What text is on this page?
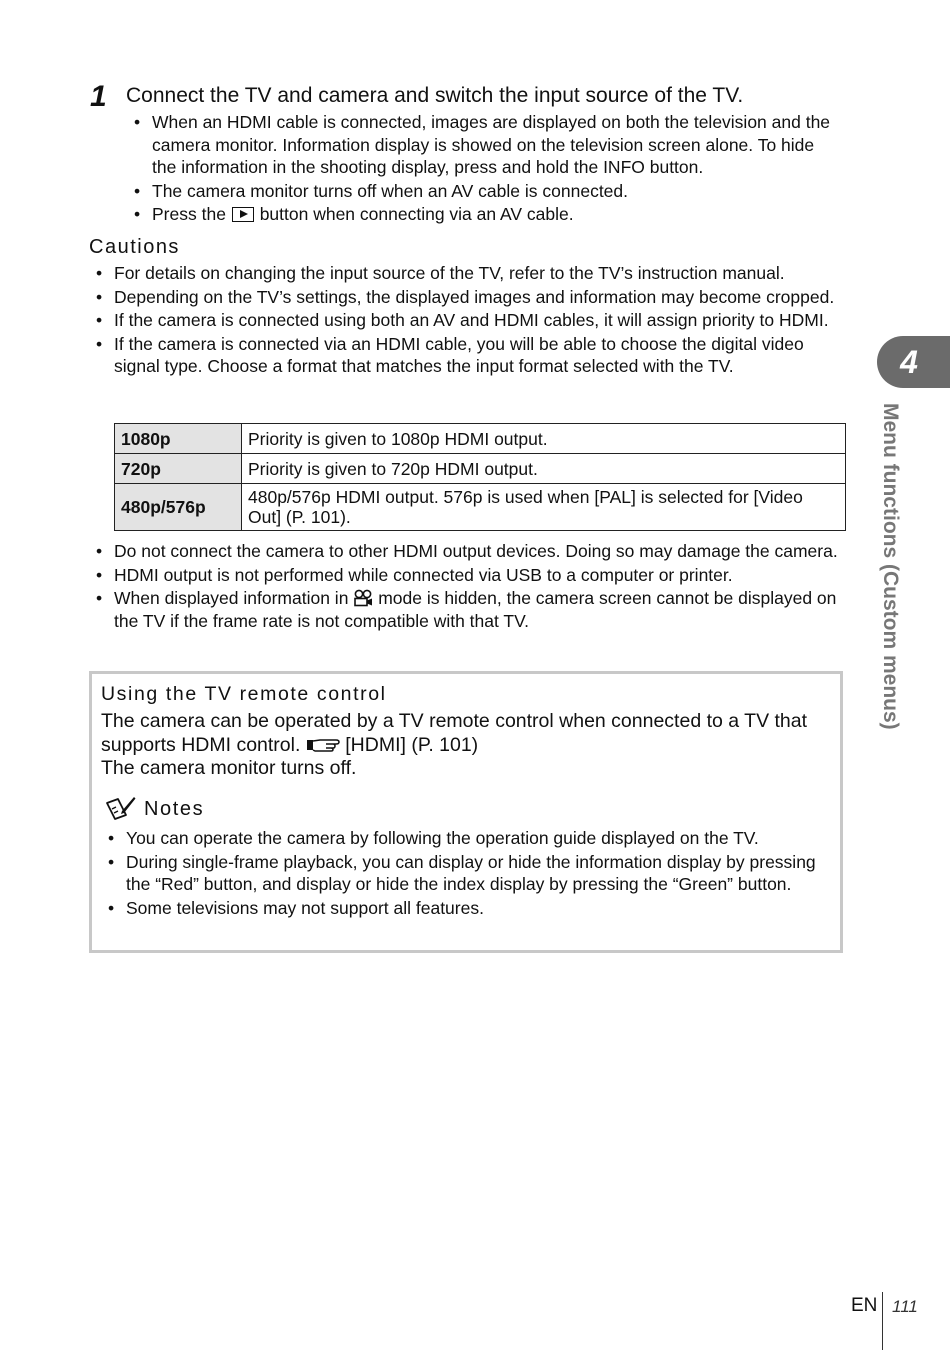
1 Connect the TV and camera and switch the input source of the TV.
• When an HDMI cable is connected, images are displayed on both the television and the camera monitor. Information display is showed on the television screen alone. To hide the information in the shooting display, press and hold the INFO button.
• The camera monitor turns off when an AV cable is connected.
• Press the button when connecting via an AV cable.
Cautions
• For details on changing the input source of the TV, refer to the TV’s instruction manual.
• Depending on the TV’s settings, the displayed images and information may become cropped.
• If the camera is connected using both an AV and HDMI cables, it will assign priority to HDMI.
• If the camera is connected via an HDMI cable, you will be able to choose the digital video signal type. Choose a format that matches the input format selected with the TV.
1080p	Priority is given to 1080p HDMI output.
720p	Priority is given to 720p HDMI output.
480p/576p	480p/576p HDMI output. 576p is used when [PAL] is selected for [Video Out] (P. 101).
• Do not connect the camera to other HDMI output devices. Doing so may damage the camera.
• HDMI output is not performed while connected via USB to a computer or printer.
• When displayed information in mode is hidden, the camera screen cannot be displayed on the TV if the frame rate is not compatible with that TV.
Using the TV remote control
The camera can be operated by a TV remote control when connected to a TV that supports HDMI control. [HDMI] (P. 101)
The camera monitor turns off.
Notes
• You can operate the camera by following the operation guide displayed on the TV.
• During single-frame playback, you can display or hide the information display by pressing the “Red” button, and display or hide the index display by pressing the “Green” button.
• Some televisions may not support all features.
4
Menu functions (Custom menus)
EN 111
